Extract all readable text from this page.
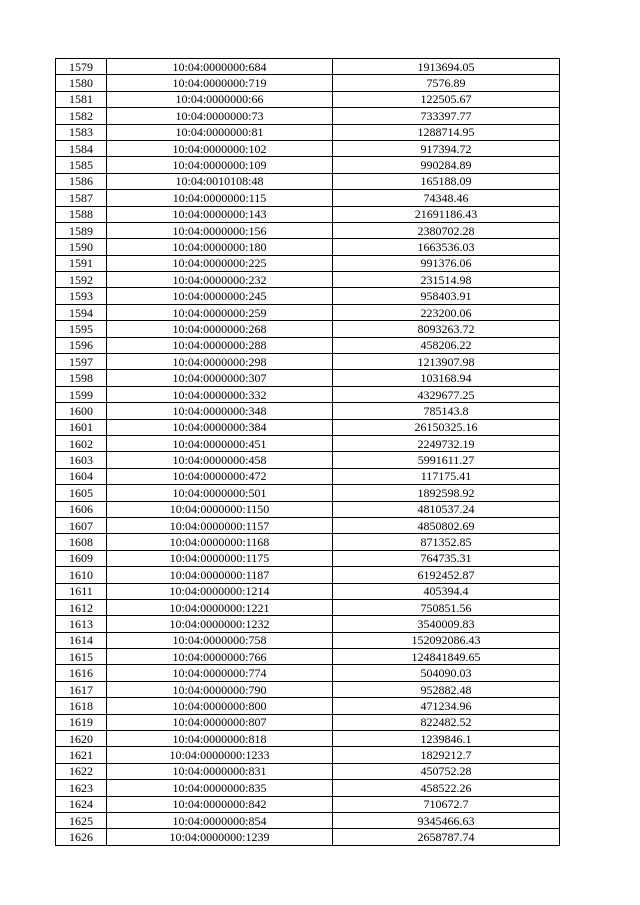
1579	10:04:0000000:684	1913694.05
1580	10:04:0000000:719	7576.89
1581	10:04:0000000:66	122505.67
1582	10:04:0000000:73	733397.77
1583	10:04:0000000:81	1288714.95
1584	10:04:0000000:102	917394.72
1585	10:04:0000000:109	990284.89
1586	10:04:0010108:48	165188.09
1587	10:04:0000000:115	74348.46
1588	10:04:0000000:143	21691186.43
1589	10:04:0000000:156	2380702.28
1590	10:04:0000000:180	1663536.03
1591	10:04:0000000:225	991376.06
1592	10:04:0000000:232	231514.98
1593	10:04:0000000:245	958403.91
1594	10:04:0000000:259	223200.06
1595	10:04:0000000:268	8093263.72
1596	10:04:0000000:288	458206.22
1597	10:04:0000000:298	1213907.98
1598	10:04:0000000:307	103168.94
1599	10:04:0000000:332	4329677.25
1600	10:04:0000000:348	785143.8
1601	10:04:0000000:384	26150325.16
1602	10:04:0000000:451	2249732.19
1603	10:04:0000000:458	5991611.27
1604	10:04:0000000:472	117175.41
1605	10:04:0000000:501	1892598.92
1606	10:04:0000000:1150	4810537.24
1607	10:04:0000000:1157	4850802.69
1608	10:04:0000000:1168	871352.85
1609	10:04:0000000:1175	764735.31
1610	10:04:0000000:1187	6192452.87
1611	10:04:0000000:1214	405394.4
1612	10:04:0000000:1221	750851.56
1613	10:04:0000000:1232	3540009.83
1614	10:04:0000000:758	152092086.43
1615	10:04:0000000:766	124841849.65
1616	10:04:0000000:774	504090.03
1617	10:04:0000000:790	952882.48
1618	10:04:0000000:800	471234.96
1619	10:04:0000000:807	822482.52
1620	10:04:0000000:818	1239846.1
1621	10:04:0000000:1233	1829212.7
1622	10:04:0000000:831	450752.28
1623	10:04:0000000:835	458522.26
1624	10:04:0000000:842	710672.7
1625	10:04:0000000:854	9345466.63
1626	10:04:0000000:1239	2658787.74
